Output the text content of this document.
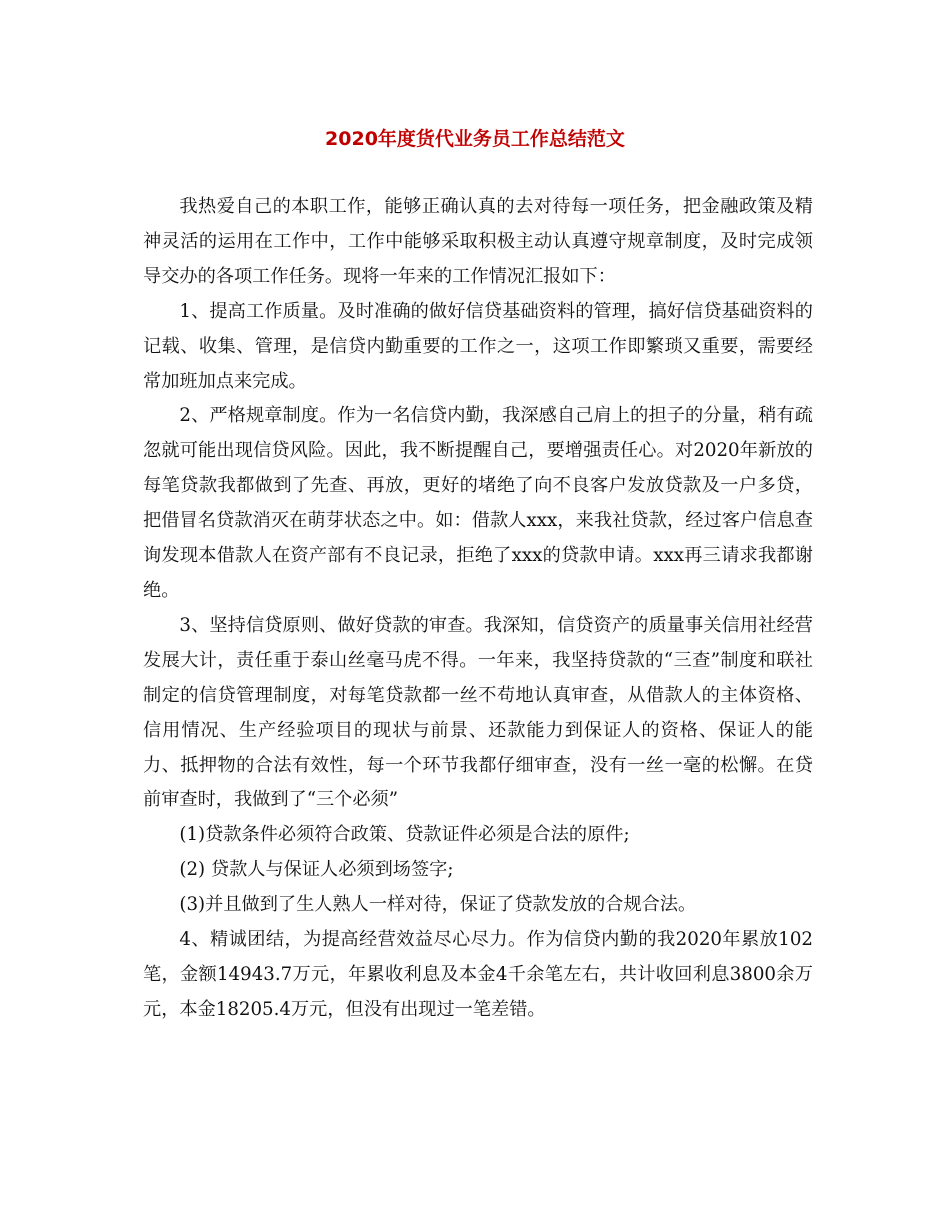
2020年度货代业务员工作总结范文

我热爱自己的本职工作，能够正确认真的去对待每一项任务，把金融政策及精神灵活的运用在工作中，工作中能够采取积极主动认真遵守规章制度，及时完成领导交办的各项工作任务。现将一年来的工作情况汇报如下：

1、提高工作质量。及时准确的做好信贷基础资料的管理，搞好信贷基础资料的记载、收集、管理，是信贷内勤重要的工作之一，这项工作即繁琐又重要，需要经常加班加点来完成。

2、严格规章制度。作为一名信贷内勤，我深感自己肩上的担子的分量，稍有疏忽就可能出现信贷风险。因此，我不断提醒自己，要增强责任心。对2020年新放的每笔贷款我都做到了先查、再放，更好的堵绝了向不良客户发放贷款及一户多贷，把借冒名贷款消灭在萌芽状态之中。如：借款人xxx，来我社贷款，经过客户信息查询发现本借款人在资产部有不良记录，拒绝了xxx的贷款申请。xxx再三请求我都谢绝。

3、坚持信贷原则、做好贷款的审查。我深知，信贷资产的质量事关信用社经营发展大计，责任重于泰山丝毫马虎不得。一年来，我坚持贷款的“三查”制度和联社制定的信贷管理制度，对每笔贷款都一丝不苟地认真审查，从借款人的主体资格、信用情况、生产经验项目的现状与前景、还款能力到保证人的资格、保证人的能力、抵押物的合法有效性，每一个环节我都仔细审查，没有一丝一毫的松懈。在贷前审查时，我做到了“三个必须”

(1)贷款条件必须符合政策、贷款证件必须是合法的原件;

(2) 贷款人与保证人必须到场签字;

(3)并且做到了生人熟人一样对待，保证了贷款发放的合规合法。

4、精诚团结，为提高经营效益尽心尽力。作为信贷内勤的我2020年累放102笔，金额14943.7万元，年累收利息及本金4千余笔左右，共计收回利息3800余万元，本金18205.4万元，但没有出现过一笔差错。
